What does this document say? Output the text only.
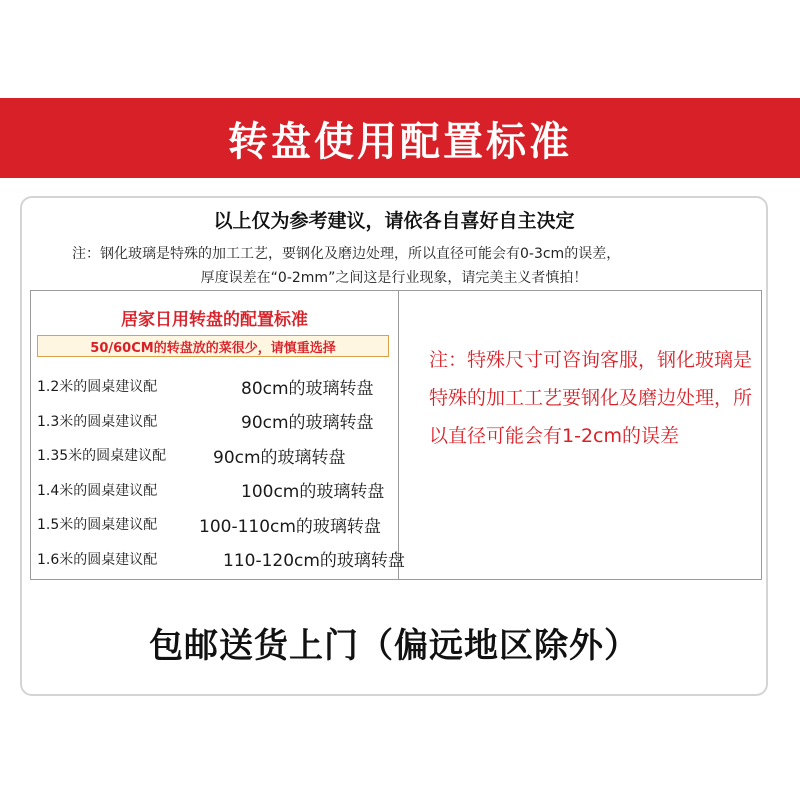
转盘使用配置标准
以上仅为参考建议，请依各自喜好自主决定
注：钢化玻璃是特殊的加工工艺，要钢化及磨边处理，所以直径可能会有0-3cm的误差，
厚度误差在“0-2mm”之间这是行业现象，请完美主义者慎拍！
居家日用转盘的配置标准
50/60CM的转盘放的菜很少，请慎重选择
1.2米的圆桌建议配	80cm的玻璃转盘
1.3米的圆桌建议配	90cm的玻璃转盘
1.35米的圆桌建议配	90cm的玻璃转盘
1.4米的圆桌建议配	100cm的玻璃转盘
1.5米的圆桌建议配	100-110cm的玻璃转盘
1.6米的圆桌建议配	110-120cm的玻璃转盘
注：特殊尺寸可咨询客服，钢化玻璃是特殊的加工工艺要钢化及磨边处理，所以直径可能会有1-2cm的误差
包邮送货上门（偏远地区除外）
